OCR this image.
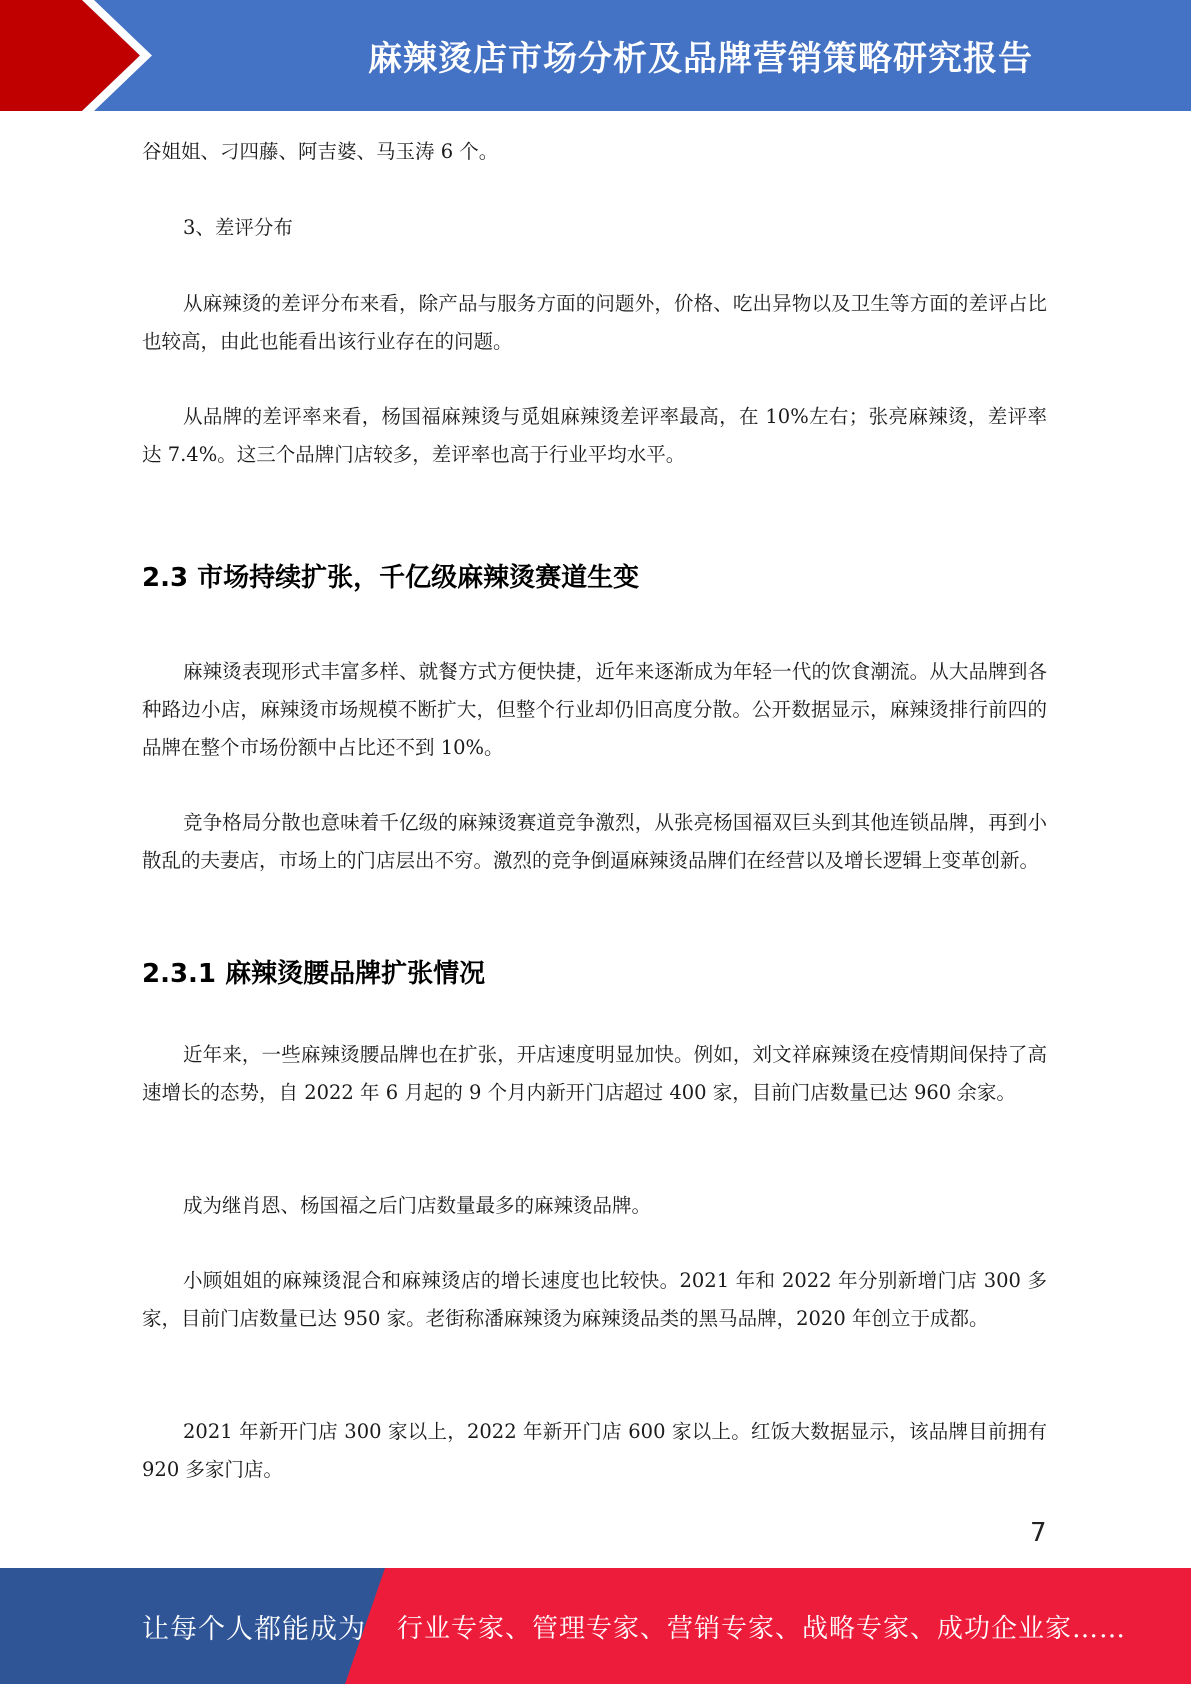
麻辣烫店市场分析及品牌营销策略研究报告

谷姐姐、刁四藤、阿吉婆、马玉涛 6 个。

3、差评分布

从麻辣烫的差评分布来看，除产品与服务方面的问题外，价格、吃出异物以及卫生等方面的差评占比也较高，由此也能看出该行业存在的问题。

从品牌的差评率来看，杨国福麻辣烫与觅姐麻辣烫差评率最高，在 10%左右；张亮麻辣烫，差评率达 7.4%。这三个品牌门店较多，差评率也高于行业平均水平。

2.3 市场持续扩张，千亿级麻辣烫赛道生变

麻辣烫表现形式丰富多样、就餐方式方便快捷，近年来逐渐成为年轻一代的饮食潮流。从大品牌到各种路边小店，麻辣烫市场规模不断扩大，但整个行业却仍旧高度分散。公开数据显示，麻辣烫排行前四的品牌在整个市场份额中占比还不到 10%。

竞争格局分散也意味着千亿级的麻辣烫赛道竞争激烈，从张亮杨国福双巨头到其他连锁品牌，再到小散乱的夫妻店，市场上的门店层出不穷。激烈的竞争倒逼麻辣烫品牌们在经营以及增长逻辑上变革创新。

2.3.1 麻辣烫腰品牌扩张情况

近年来，一些麻辣烫腰品牌也在扩张，开店速度明显加快。例如，刘文祥麻辣烫在疫情期间保持了高速增长的态势，自 2022 年 6 月起的 9 个月内新开门店超过 400 家，目前门店数量已达 960 余家。

成为继肖恩、杨国福之后门店数量最多的麻辣烫品牌。

小顾姐姐的麻辣烫混合和麻辣烫店的增长速度也比较快。2021 年和 2022 年分别新增门店 300 多家，目前门店数量已达 950 家。老街称潘麻辣烫为麻辣烫品类的黑马品牌，2020 年创立于成都。

2021 年新开门店 300 家以上，2022 年新开门店 600 家以上。红饭大数据显示，该品牌目前拥有 920 多家门店。

7
让每个人都能成为 行业专家、管理专家、营销专家、战略专家、成功企业家……
